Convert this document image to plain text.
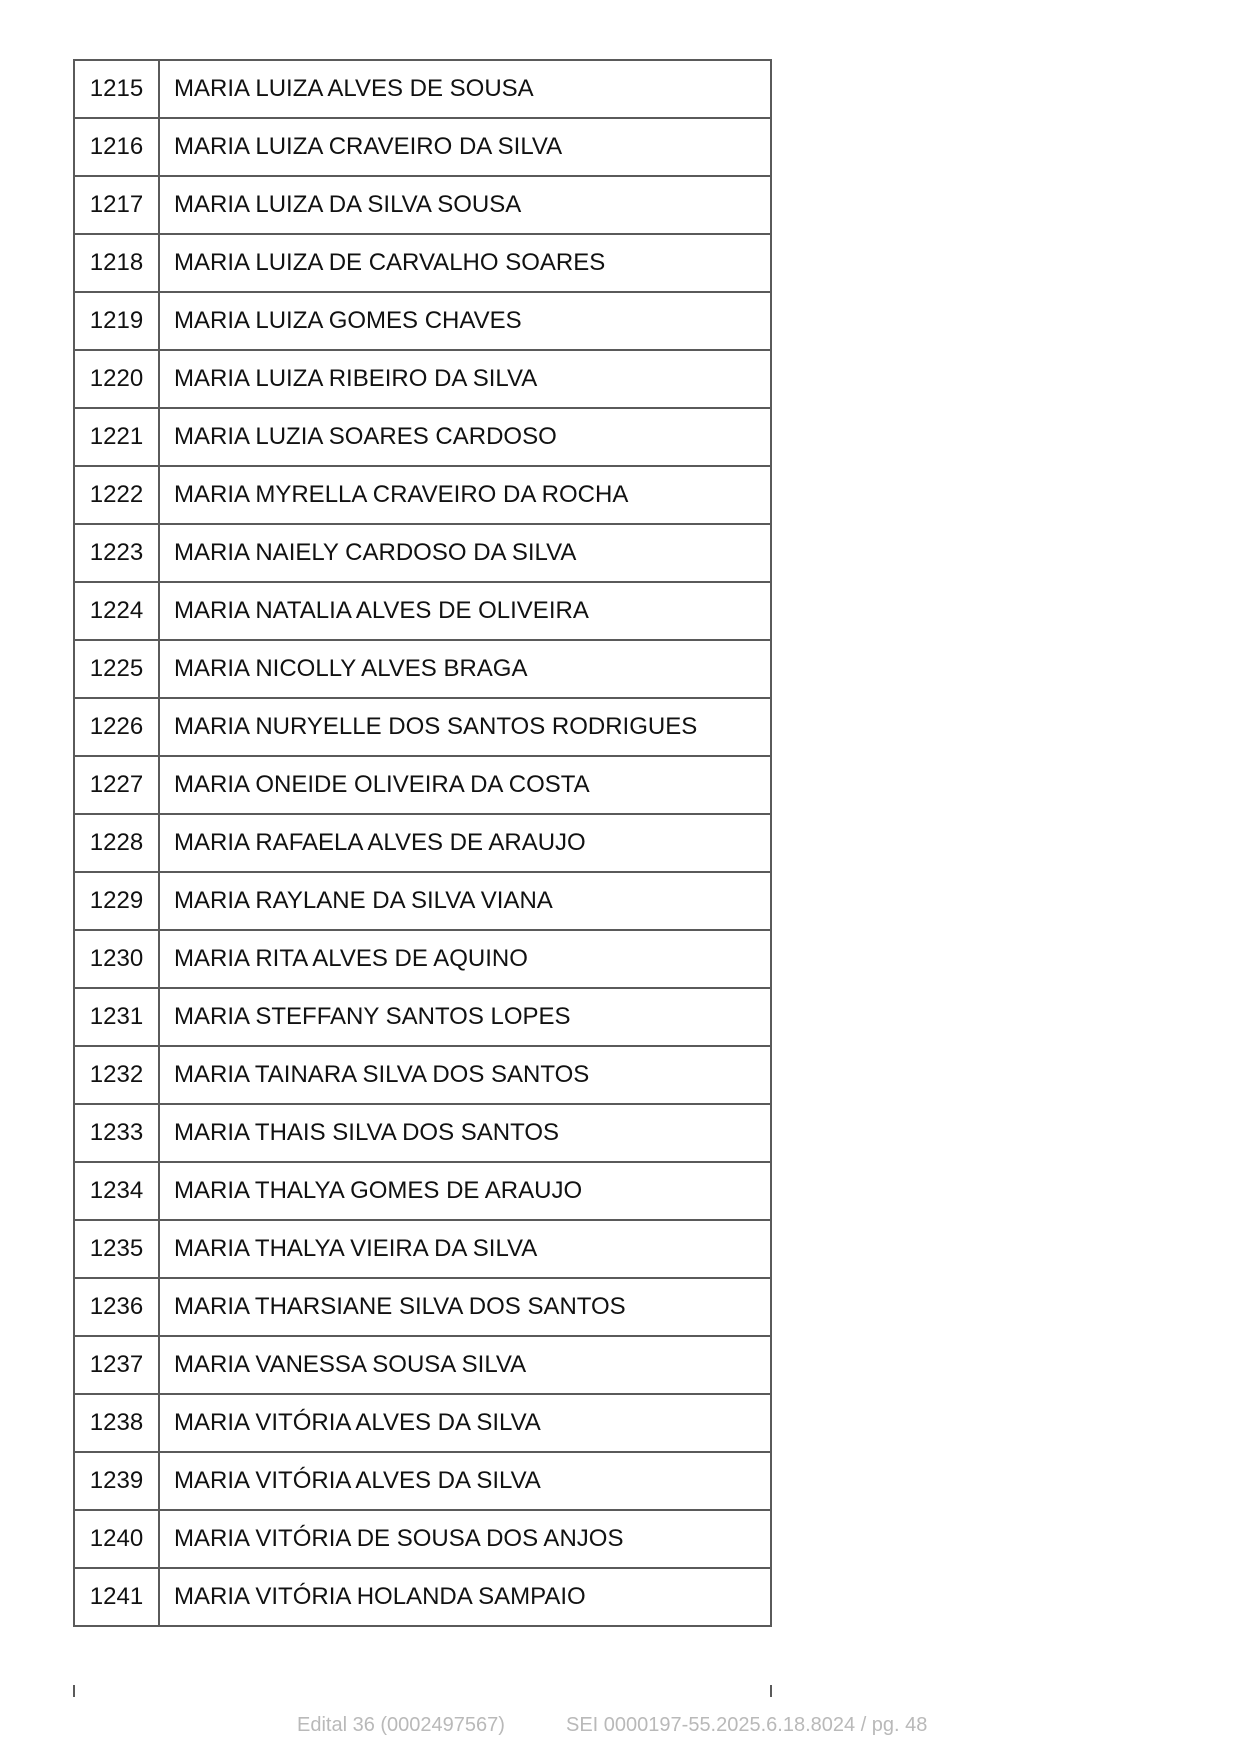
1215	MARIA LUIZA ALVES DE SOUSA
1216	MARIA LUIZA CRAVEIRO DA SILVA
1217	MARIA LUIZA DA SILVA SOUSA
1218	MARIA LUIZA DE CARVALHO SOARES
1219	MARIA LUIZA GOMES CHAVES
1220	MARIA LUIZA RIBEIRO DA SILVA
1221	MARIA LUZIA SOARES CARDOSO
1222	MARIA MYRELLA CRAVEIRO DA ROCHA
1223	MARIA NAIELY CARDOSO DA SILVA
1224	MARIA NATALIA ALVES DE OLIVEIRA
1225	MARIA NICOLLY ALVES BRAGA
1226	MARIA NURYELLE DOS SANTOS RODRIGUES
1227	MARIA ONEIDE OLIVEIRA DA COSTA
1228	MARIA RAFAELA ALVES DE ARAUJO
1229	MARIA RAYLANE DA SILVA VIANA
1230	MARIA RITA ALVES DE AQUINO
1231	MARIA STEFFANY SANTOS LOPES
1232	MARIA TAINARA SILVA DOS SANTOS
1233	MARIA THAIS SILVA DOS SANTOS
1234	MARIA THALYA GOMES DE ARAUJO
1235	MARIA THALYA VIEIRA DA SILVA
1236	MARIA THARSIANE SILVA DOS SANTOS
1237	MARIA VANESSA SOUSA SILVA
1238	MARIA VITÓRIA ALVES DA SILVA
1239	MARIA VITÓRIA ALVES DA SILVA
1240	MARIA VITÓRIA DE SOUSA DOS ANJOS
1241	MARIA VITÓRIA HOLANDA SAMPAIO
Edital 36 (0002497567)	SEI 0000197-55.2025.6.18.8024 / pg. 48
